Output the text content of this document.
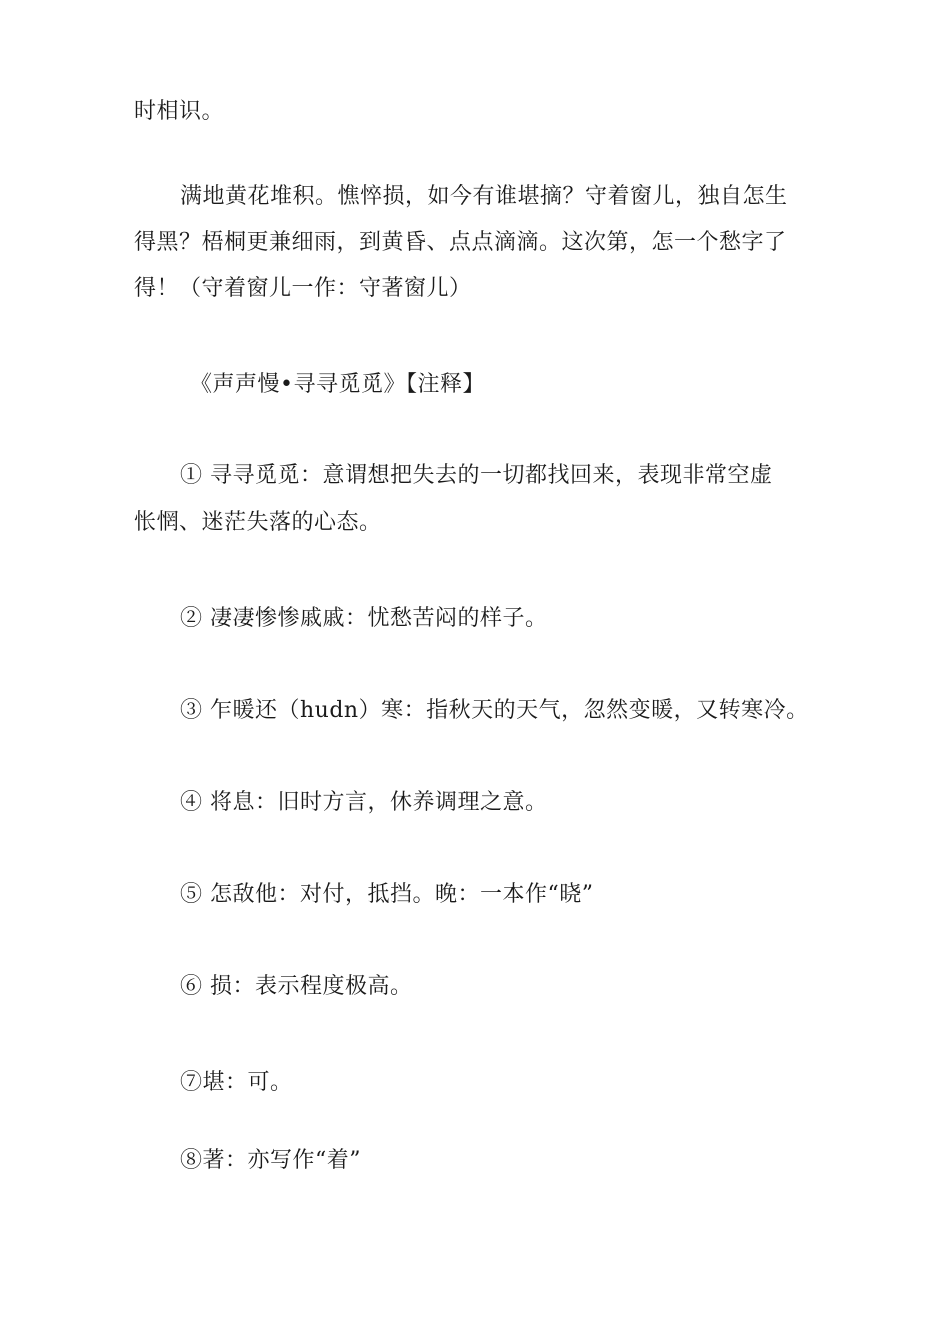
时相识。
满地黄花堆积。憔悴损，如今有谁堪摘？守着窗儿，独自怎生
得黑？梧桐更兼细雨，到黄昏、点点滴滴。这次第，怎一个愁字了
得！（守着窗儿一作：守著窗儿）
《声声慢•寻寻觅觅》【注释】
① 寻寻觅觅：意谓想把失去的一切都找回来，表现非常空虚
怅惘、迷茫失落的心态。
② 凄凄惨惨戚戚：忧愁苦闷的样子。
③ 乍暖还（hudn）寒：指秋天的天气，忽然变暖，又转寒冷。
④ 将息：旧时方言，休养调理之意。
⑤ 怎敌他：对付，抵挡。晚：一本作“晓”
⑥ 损：表示程度极高。
⑦堪：可。
⑧著：亦写作“着”
